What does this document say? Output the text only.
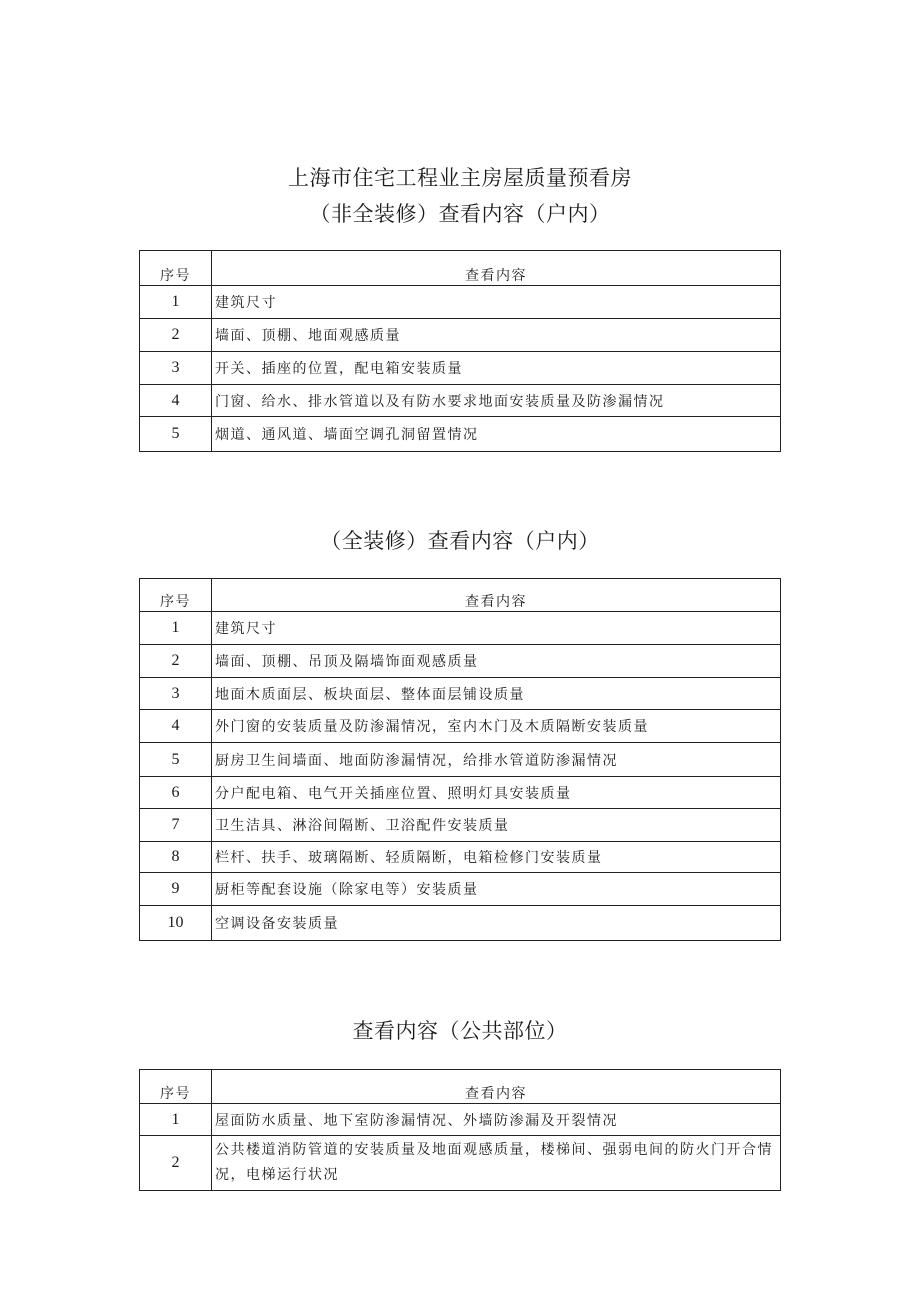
上海市住宅工程业主房屋质量预看房
（非全装修）查看内容（户内）
序号	查看内容
1	建筑尺寸
2	墙面、顶棚、地面观感质量
3	开关、插座的位置，配电箱安装质量
4	门窗、给水、排水管道以及有防水要求地面安装质量及防渗漏情况
5	烟道、通风道、墙面空调孔洞留置情况
（全装修）查看内容（户内）
序号	查看内容
1	建筑尺寸
2	墙面、顶棚、吊顶及隔墙饰面观感质量
3	地面木质面层、板块面层、整体面层铺设质量
4	外门窗的安装质量及防渗漏情况，室内木门及木质隔断安装质量
5	厨房卫生间墙面、地面防渗漏情况，给排水管道防渗漏情况
6	分户配电箱、电气开关插座位置、照明灯具安装质量
7	卫生洁具、淋浴间隔断、卫浴配件安装质量
8	栏杆、扶手、玻璃隔断、轻质隔断，电箱检修门安装质量
9	厨柜等配套设施（除家电等）安装质量
10	空调设备安装质量
查看内容（公共部位）
序号	查看内容
1	屋面防水质量、地下室防渗漏情况、外墙防渗漏及开裂情况
2	公共楼道消防管道的安装质量及地面观感质量，楼梯间、强弱电间的防火门开合情况，电梯运行状况
